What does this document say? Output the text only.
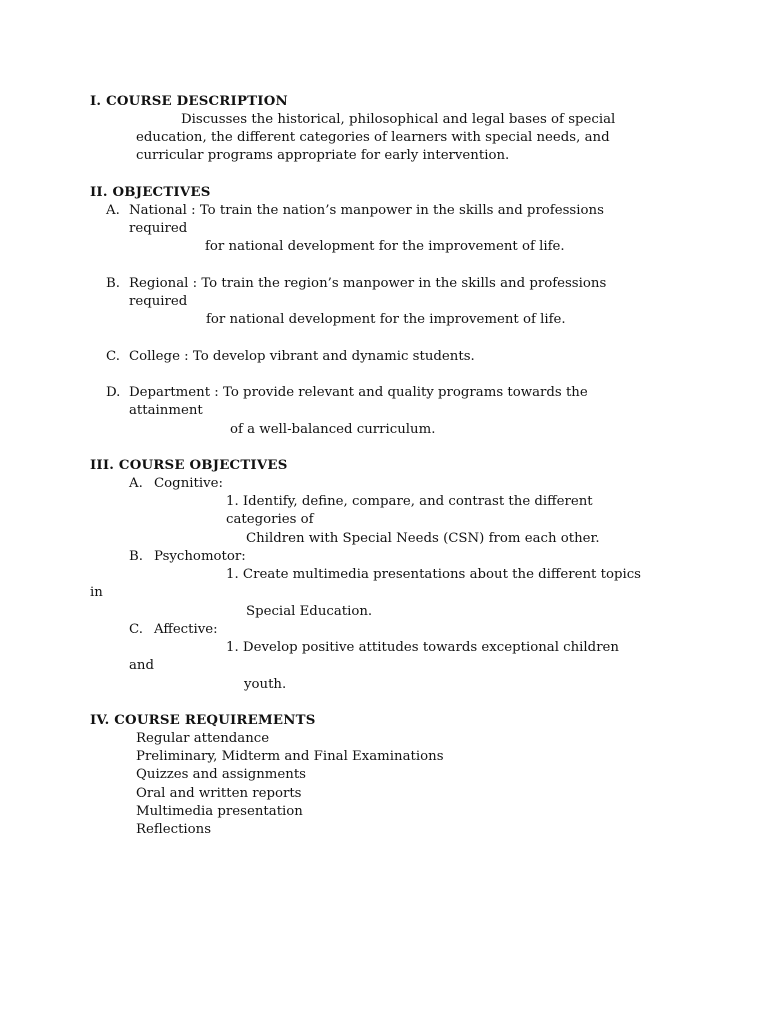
I. COURSE DESCRIPTION
Discusses the historical, philosophical and legal bases of special
education, the different categories of learners with special needs, and
curricular programs appropriate for early intervention.
II. OBJECTIVES
A. National : To train the nation’s manpower in the skills and professions
required
for national development for the improvement of life.
B. Regional : To train the region’s manpower in the skills and professions
required
for national development for the improvement of life.
C. College : To develop vibrant and dynamic students.
D. Department : To provide relevant and quality programs towards the
attainment
of a well-balanced curriculum.
III. COURSE OBJECTIVES
A. Cognitive:
1. Identify, define, compare, and contrast the different
categories of
Children with Special Needs (CSN) from each other.
B. Psychomotor:
1. Create multimedia presentations about the different topics
in
Special Education.
C. Affective:
1. Develop positive attitudes towards exceptional children
and
youth.
IV. COURSE REQUIREMENTS
Regular attendance
Preliminary, Midterm and Final Examinations
Quizzes and assignments
Oral and written reports
Multimedia presentation
Reflections
